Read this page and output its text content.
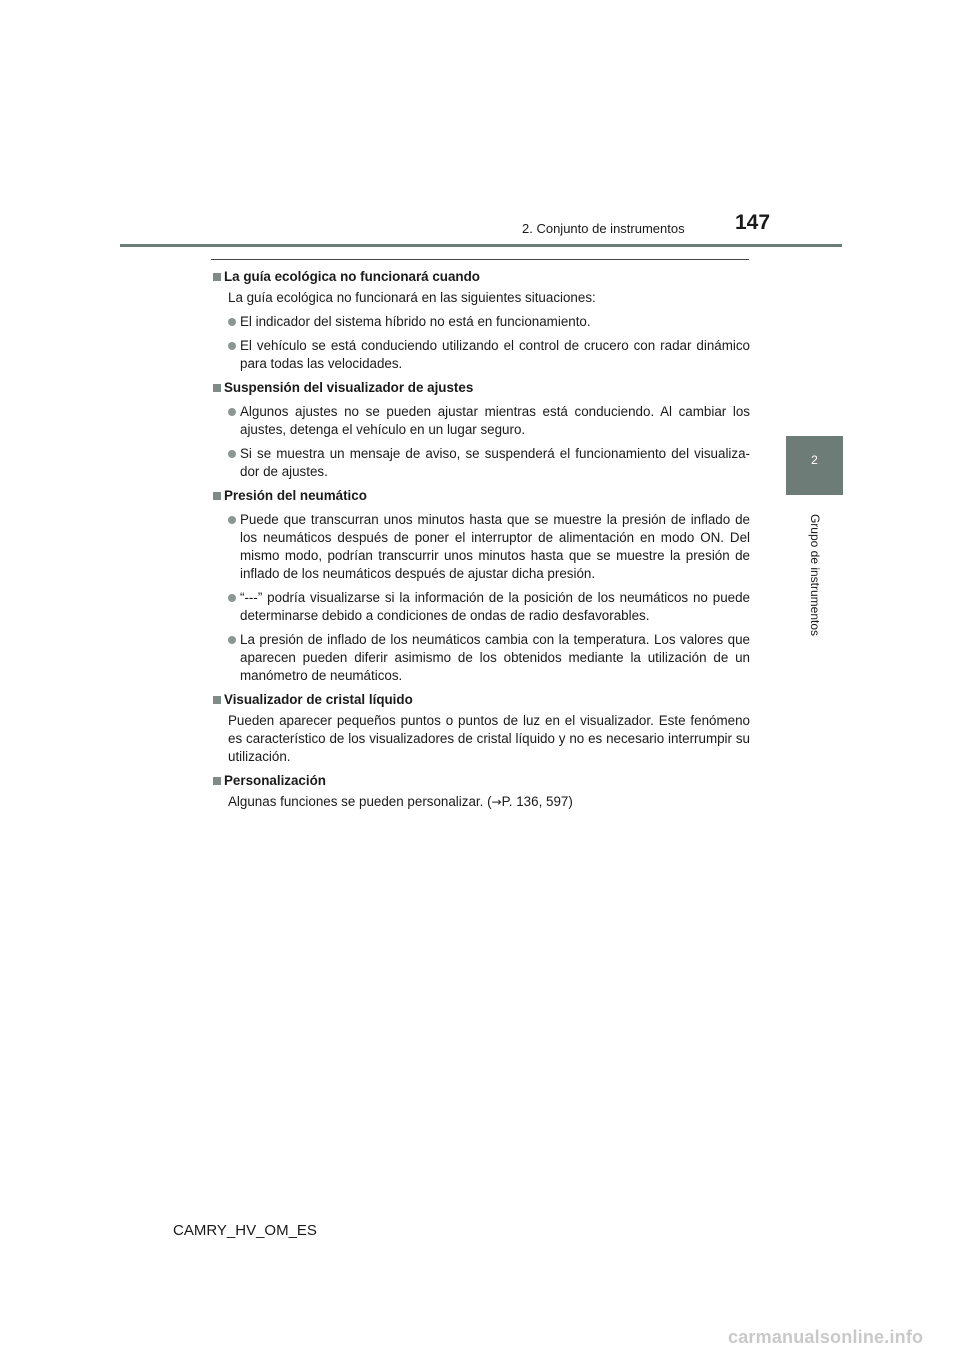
2. Conjunto de instrumentos	147
2
Grupo de instrumentos
La guía ecológica no funcionará cuando
La guía ecológica no funcionará en las siguientes situaciones:
El indicador del sistema híbrido no está en funcionamiento.
El vehículo se está conduciendo utilizando el control de crucero con radar dinámico para todas las velocidades.
Suspensión del visualizador de ajustes
Algunos ajustes no se pueden ajustar mientras está conduciendo. Al cambiar los ajustes, detenga el vehículo en un lugar seguro.
Si se muestra un mensaje de aviso, se suspenderá el funcionamiento del visualiza-dor de ajustes.
Presión del neumático
Puede que transcurran unos minutos hasta que se muestre la presión de inflado de los neumáticos después de poner el interruptor de alimentación en modo ON. Del mismo modo, podrían transcurrir unos minutos hasta que se muestre la presión de inflado de los neumáticos después de ajustar dicha presión.
“---” podría visualizarse si la información de la posición de los neumáticos no puede determinarse debido a condiciones de ondas de radio desfavorables.
La presión de inflado de los neumáticos cambia con la temperatura. Los valores que aparecen pueden diferir asimismo de los obtenidos mediante la utilización de un manómetro de neumáticos.
Visualizador de cristal líquido
Pueden aparecer pequeños puntos o puntos de luz en el visualizador. Este fenómeno es característico de los visualizadores de cristal líquido y no es necesario interrumpir su utilización.
Personalización
Algunas funciones se pueden personalizar. (→P. 136, 597)
CAMRY_HV_OM_ES
carmanualsonline.info
